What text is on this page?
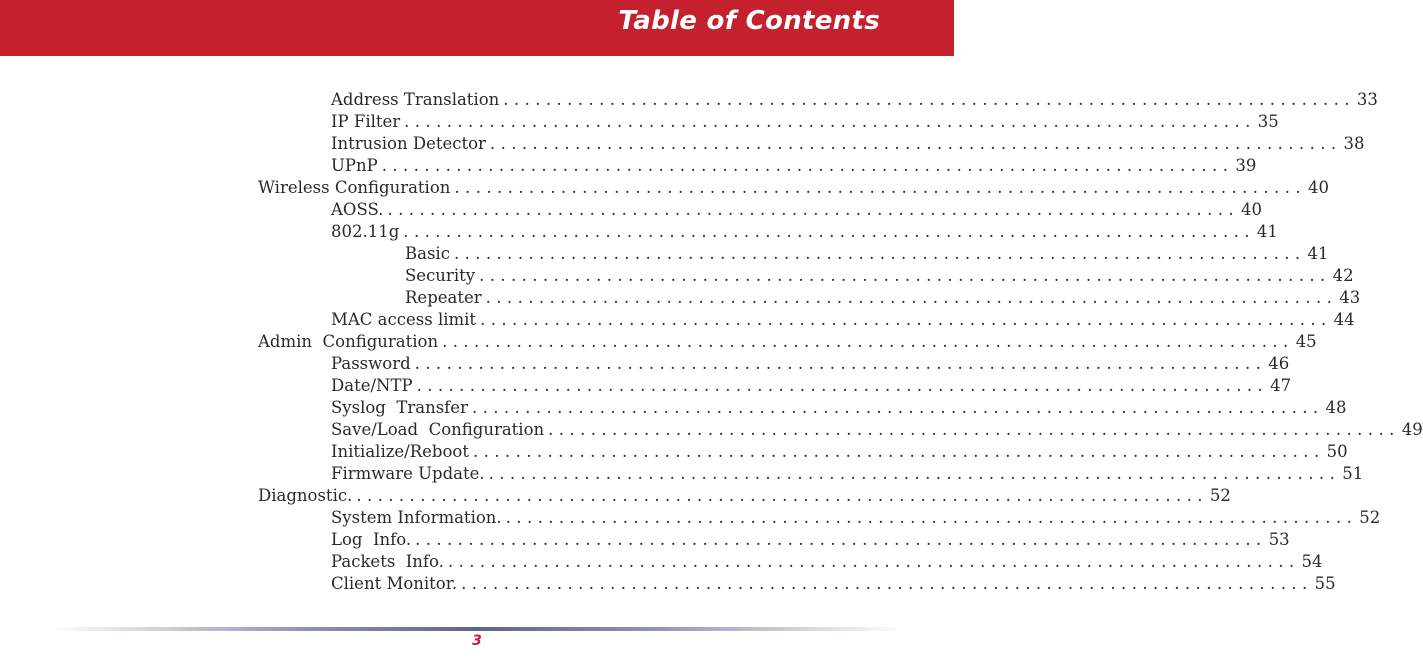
Table of Contents
Address Translation ................................................................................ 33
IP Filter ................................................................................ 35
Intrusion Detector ................................................................................ 38
UPnP ................................................................................ 39
Wireless Configuration ................................................................................ 40
AOSS. ................................................................................ 40
802.11g ................................................................................ 41
Basic ................................................................................ 41
Security ................................................................................ 42
Repeater ................................................................................ 43
MAC access limit ................................................................................ 44
Admin  Configuration ................................................................................ 45
Password ................................................................................ 46
Date/NTP ................................................................................ 47
Syslog  Transfer ................................................................................ 48
Save/Load  Configuration ................................................................................ 49
Initialize/Reboot ................................................................................ 50
Firmware Update. ................................................................................ 51
Diagnostic. ................................................................................ 52
System Information. ................................................................................ 52
Log  Info. ................................................................................ 53
Packets  Info. ................................................................................ 54
Client Monitor. ................................................................................ 55
3
